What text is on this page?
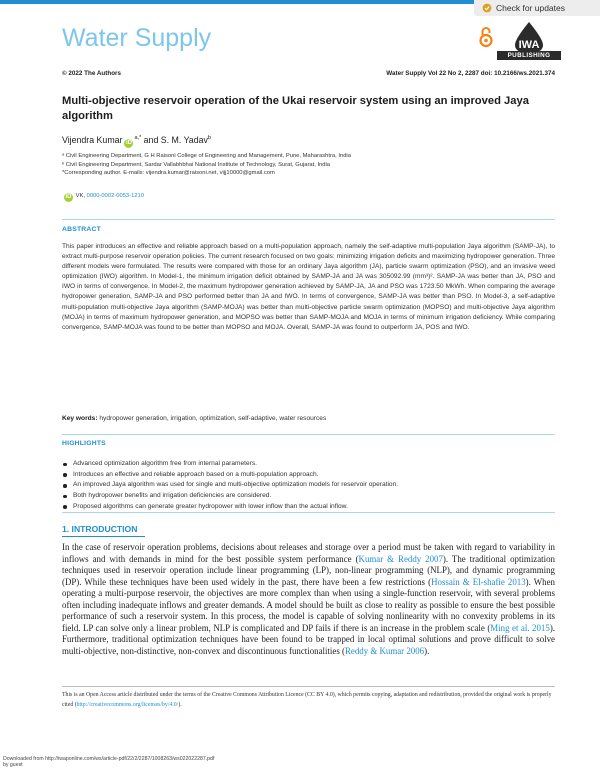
Water Supply
Check for updates
IWA
PUBLISHING
© 2022 The Authors	Water Supply Vol 22 No 2, 2287 doi: 10.2166/ws.2021.374
Multi-objective reservoir operation of the Ukai reservoir system using an improved Jaya algorithm
Vijendra Kumar $iD^{a,*}$ and S. M. Yadav$^b$
ᵃ Civil Engineering Department, G H Raisoni College of Engineering and Management, Pune, Maharashtra, India
ᵇ Civil Engineering Department, Sardar Vallabhbhai National Institute of Technology, Surat, Gujarat, India
*Corresponding author. E-mails: vijendra.kumar@raisoni.net, vijj10000@gmail.com
iD VK, 0000-0002-0053-1210
ABSTRACT
This paper introduces an effective and reliable approach based on a multi-population approach, namely the self-adaptive multi-population Jaya algorithm (SAMP-JA), to extract multi-purpose reservoir operation policies. The current research focused on two goals: minimizing irrigation deficits and maximizing hydropower generation. Three different models were formulated. The results were compared with those for an ordinary Jaya algorithm (JA), particle swarm optimization (PSO), and an invasive weed optimization (IWO) algorithm. In Model-1, the minimum irrigation deficit obtained by SAMP-JA and JA was 305092.99 (mm³)². SAMP-JA was better than JA, PSO and IWO in terms of convergence. In Model-2, the maximum hydropower generation achieved by SAMP-JA, JA and PSO was 1723.50 MkWh. When comparing the average hydropower generation, SAMP-JA and PSO performed better than JA and IWO. In terms of convergence, SAMP-JA was better than PSO. In Model-3, a self-adaptive multi-population multi-objective Jaya algorithm (SAMP-MOJA) was better than multi-objective particle swarm optimization (MOPSO) and multi-objective Jaya algorithm (MOJA) in terms of maximum hydropower generation, and MOPSO was better than SAMP-MOJA and MOJA in terms of minimum irrigation deficiency. While comparing convergence, SAMP-MOJA was found to be better than MOPSO and MOJA. Overall, SAMP-JA was found to outperform JA, POS and IWO.
Key words: hydropower generation, irrigation, optimization, self-adaptive, water resources
HIGHLIGHTS
Advanced optimization algorithm free from internal parameters.
Introduces an effective and reliable approach based on a multi-population approach.
An improved Jaya algorithm was used for single and multi-objective optimization models for reservoir operation.
Both hydropower benefits and irrigation deficiencies are considered.
Proposed algorithms can generate greater hydropower with lower inflow than the actual inflow.
1. INTRODUCTION
In the case of reservoir operation problems, decisions about releases and storage over a period must be taken with regard to variability in inflows and with demands in mind for the best possible system performance (Kumar & Reddy 2007). The traditional optimization techniques used in reservoir operation include linear programming (LP), non-linear programming (NLP), and dynamic programming (DP). While these techniques have been used widely in the past, there have been a few restrictions (Hossain & El-shafie 2013). When operating a multi-purpose reservoir, the objectives are more complex than when using a single-function reservoir, with several problems often including inadequate inflows and greater demands. A model should be built as close to reality as possible to ensure the best possible performance of such a reservoir system. In this process, the model is capable of solving nonlinearity with no convexity problems in its field. LP can solve only a linear problem, NLP is complicated and DP fails if there is an increase in the problem scale (Ming et al. 2015). Furthermore, traditional optimization techniques have been found to be trapped in local optimal solutions and prove difficult to solve multi-objective, non-distinctive, non-convex and discontinuous functionalities (Reddy & Kumar 2006).
This is an Open Access article distributed under the terms of the Creative Commons Attribution Licence (CC BY 4.0), which permits copying, adaptation and redistribution, provided the original work is properly cited (http://creativecommons.org/licenses/by/4.0/).
Downloaded from http://iwaponline.com/ws/article-pdf/22/2/2287/1008263/ws022022287.pdf
by guest
